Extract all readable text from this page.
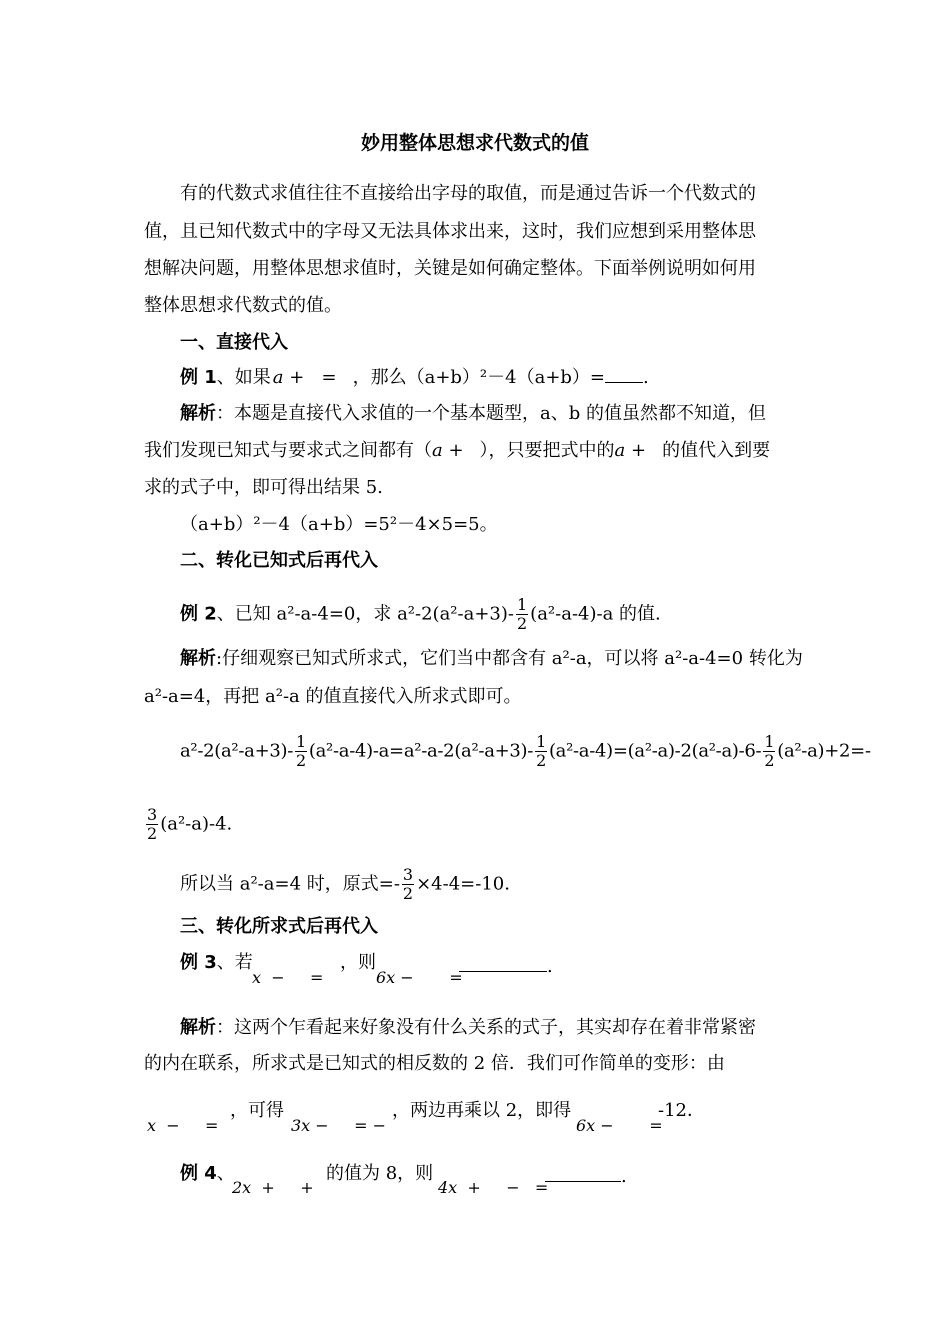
妙用整体思想求代数式的值
有的代数式求值往往不直接给出字母的取值，而是通过告诉一个代数式的
值，且已知代数式中的字母又无法具体求出来，这时，我们应想到采用整体思
想解决问题，用整体思想求值时，关键是如何确定整体。下面举例说明如何用
整体思想求代数式的值。
一、直接代入
例 1、如果 a +   = ，那么（a+b）²－4（a+b）= .
解析：本题是直接代入求值的一个基本题型，a、b 的值虽然都不知道，但
我们发现已知式与要求式之间都有（a + ），只要把式中的a + 的值代入到要
求的式子中，即可得出结果 5.
（a+b）²－4（a+b）=5²－4×5=5。
二、转化已知式后再代入
例 2、已知 a²-a-4=0，求 $a^2-2(a^2-a+3)- \frac{1}{2} (a^2-a-4)-a$ 的值.
解析:仔细观察已知式所求式，它们当中都含有 a²-a，可以将 a²-a-4=0 转化为
a²-a=4，再把 a²-a 的值直接代入所求式即可。
$a^2-2(a^2-a+3)- \frac{1}{2} (a^2-a-4)-a=a^2-a-2(a^2-a+3)- \frac{1}{2} (a^2-a-4)=(a^2-a)-2(a^2-a)-6- \frac{1}{2} (a^2-a)+2=-$
$\frac{3}{2} (a^2-a)-4$.
所以当 a²-a=4 时，原式=- $\frac{3}{2} \times 4-4=-10$.
三、转化所求式后再代入
例 3、若
x  −     =
，则
6x −       =
.
解析：这两个乍看起来好象没有什么关系的式子，其实却存在着非常紧密
的内在联系，所求式是已知式的相反数的 2 倍．我们可作简单的变形：由
x  −     =
，可得
3x −     = −
，两边再乘以 2，即得
6x −       =
-12．
例 4、
2x  +     +
的值为 8，则
4x  +     −   =
.
